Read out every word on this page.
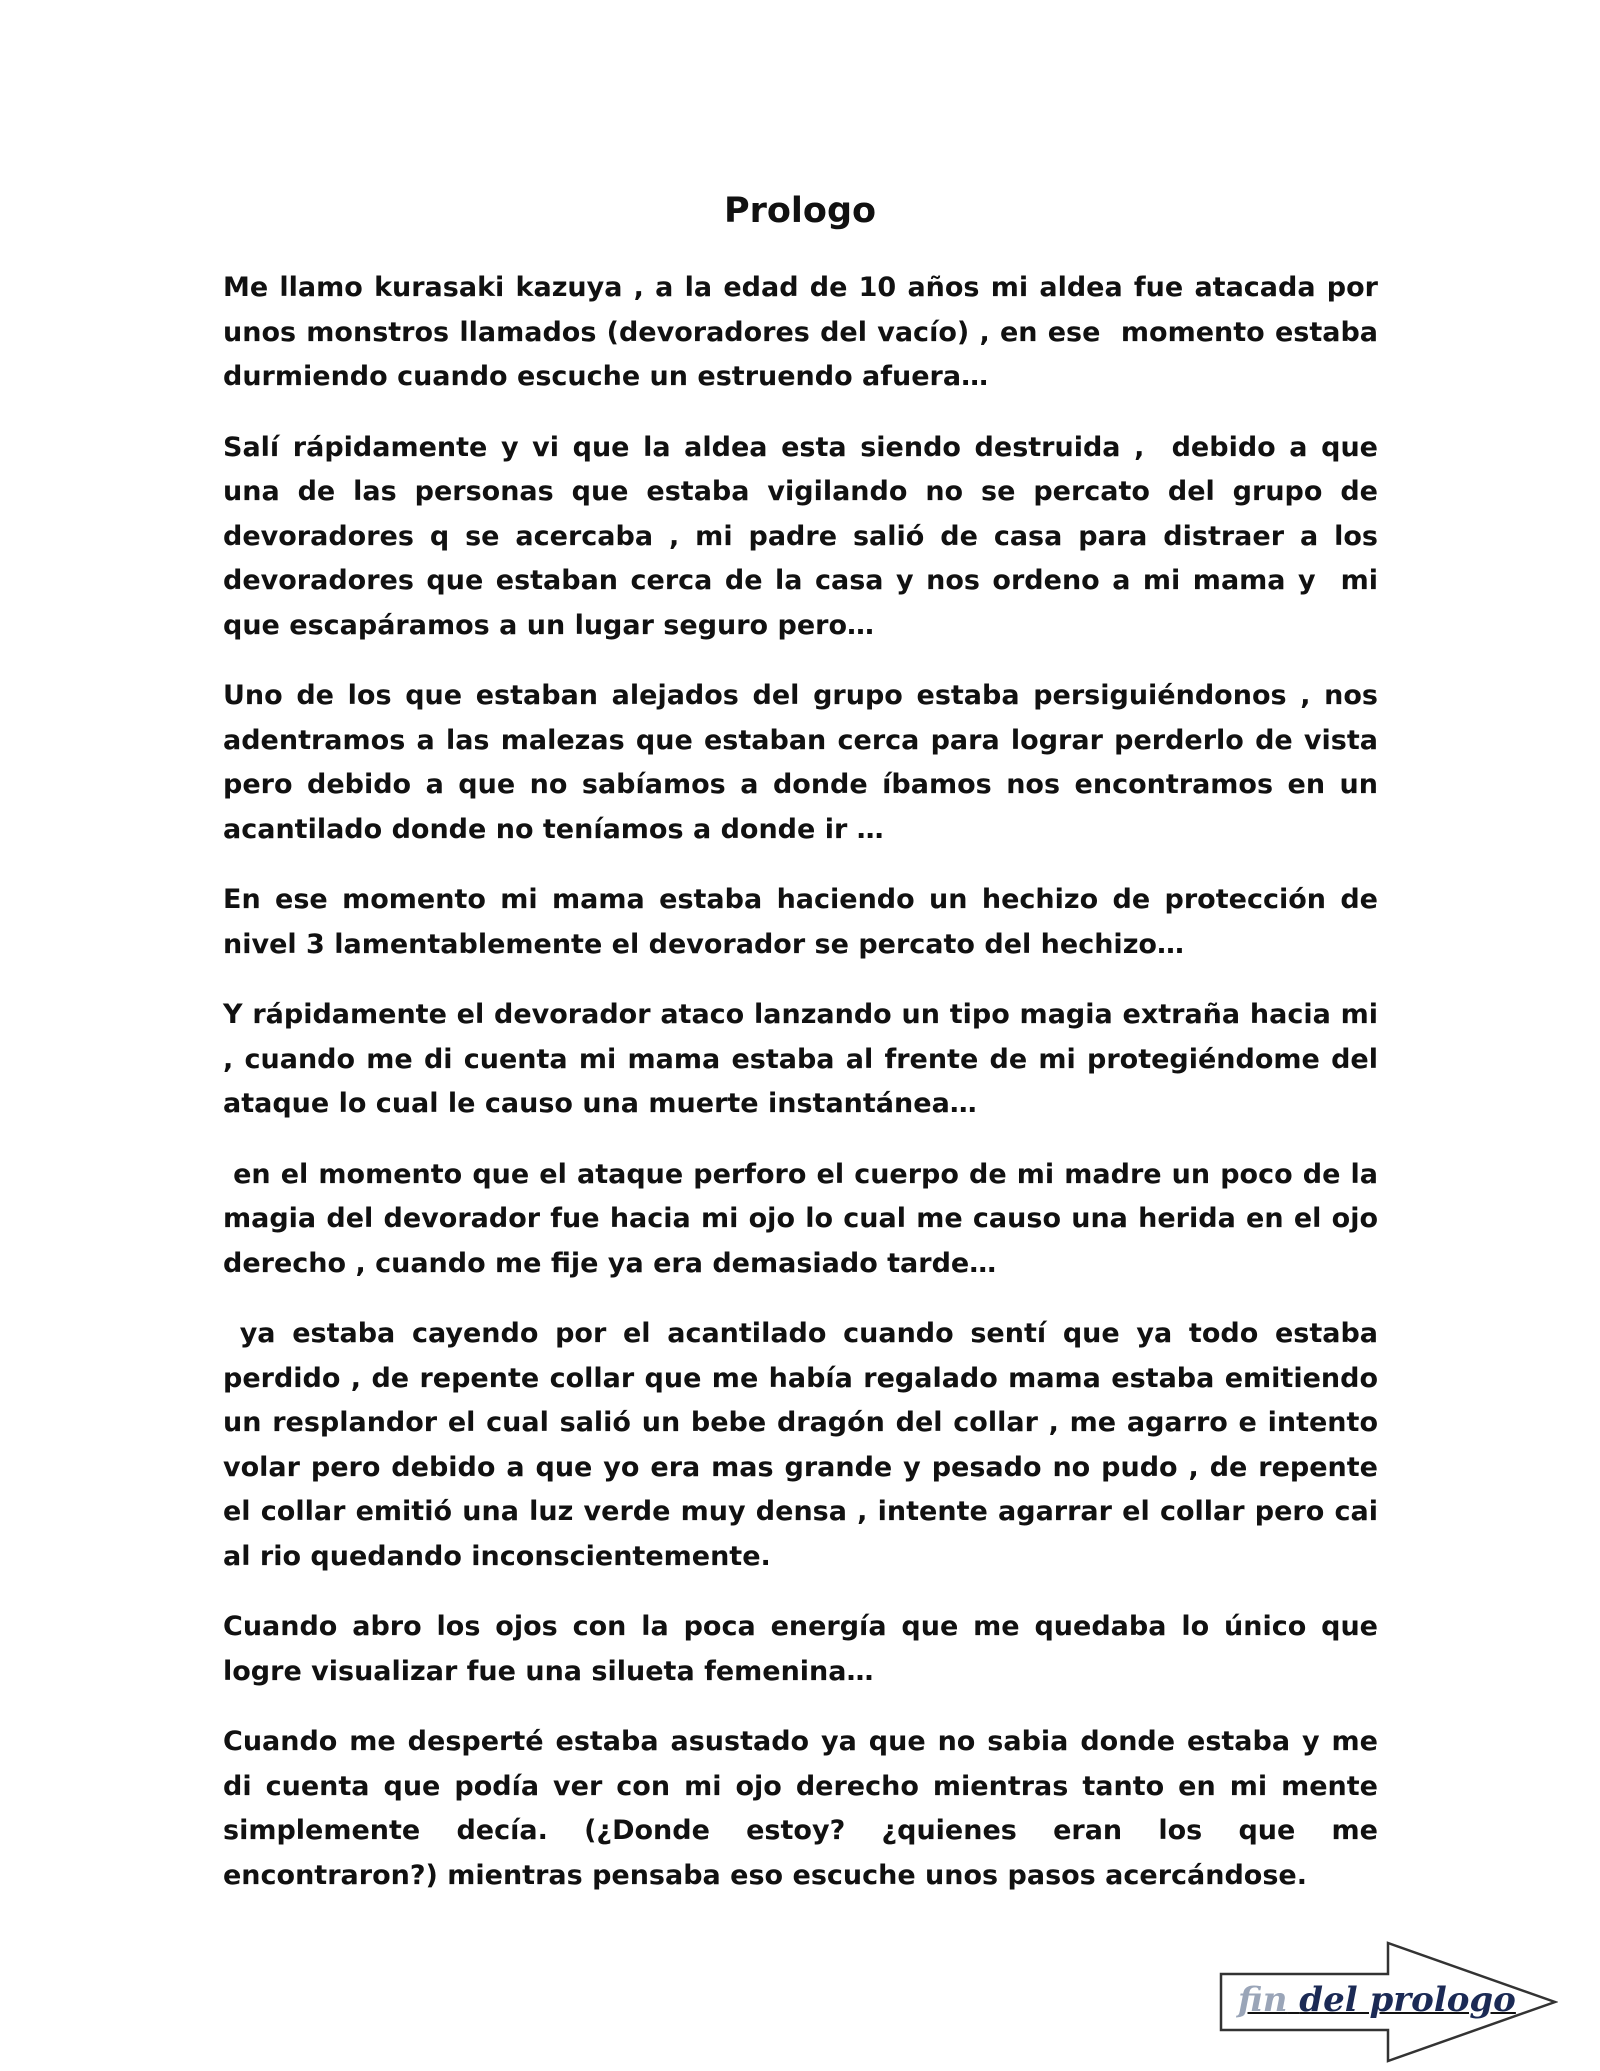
Prologo

Me llamo kurasaki kazuya , a la edad de 10 años mi aldea fue atacada por unos monstros llamados (devoradores del vacío) , en ese  momento estaba durmiendo cuando escuche un estruendo afuera…

Salí rápidamente y vi que la aldea esta siendo destruida ,  debido a que una de las personas que estaba vigilando no se percato del grupo de devoradores q se acercaba , mi padre salió de casa para distraer a los devoradores que estaban cerca de la casa y nos ordeno a mi mama y  mi que escapáramos a un lugar seguro pero…

Uno de los que estaban alejados del grupo estaba persiguiéndonos , nos adentramos a las malezas que estaban cerca para lograr perderlo de vista pero debido a que no sabíamos a donde íbamos nos encontramos en un acantilado donde no teníamos a donde ir …

En ese momento mi mama estaba haciendo un hechizo de protección de nivel 3 lamentablemente el devorador se percato del hechizo…

Y rápidamente el devorador ataco lanzando un tipo magia extraña hacia mi , cuando me di cuenta mi mama estaba al frente de mi protegiéndome del ataque lo cual le causo una muerte instantánea…

en el momento que el ataque perforo el cuerpo de mi madre un poco de la magia del devorador fue hacia mi ojo lo cual me causo una herida en el ojo derecho , cuando me fije ya era demasiado tarde…

ya estaba cayendo por el acantilado cuando sentí que ya todo estaba perdido , de repente collar que me había regalado mama estaba emitiendo un resplandor el cual salió un bebe dragón del collar , me agarro e intento  volar pero debido a que yo era mas grande y pesado no pudo , de repente el collar emitió una luz verde muy densa , intente agarrar el collar pero cai al rio quedando inconscientemente.

Cuando abro los ojos con la poca energía que me quedaba lo único que logre visualizar fue una silueta femenina…

Cuando me desperté estaba asustado ya que no sabia donde estaba y me di cuenta que podía ver con mi ojo derecho mientras tanto en mi mente simplemente decía. (¿Donde estoy? ¿quienes eran los que me encontraron?) mientras pensaba eso escuche unos pasos acercándose.

fin del prologo
